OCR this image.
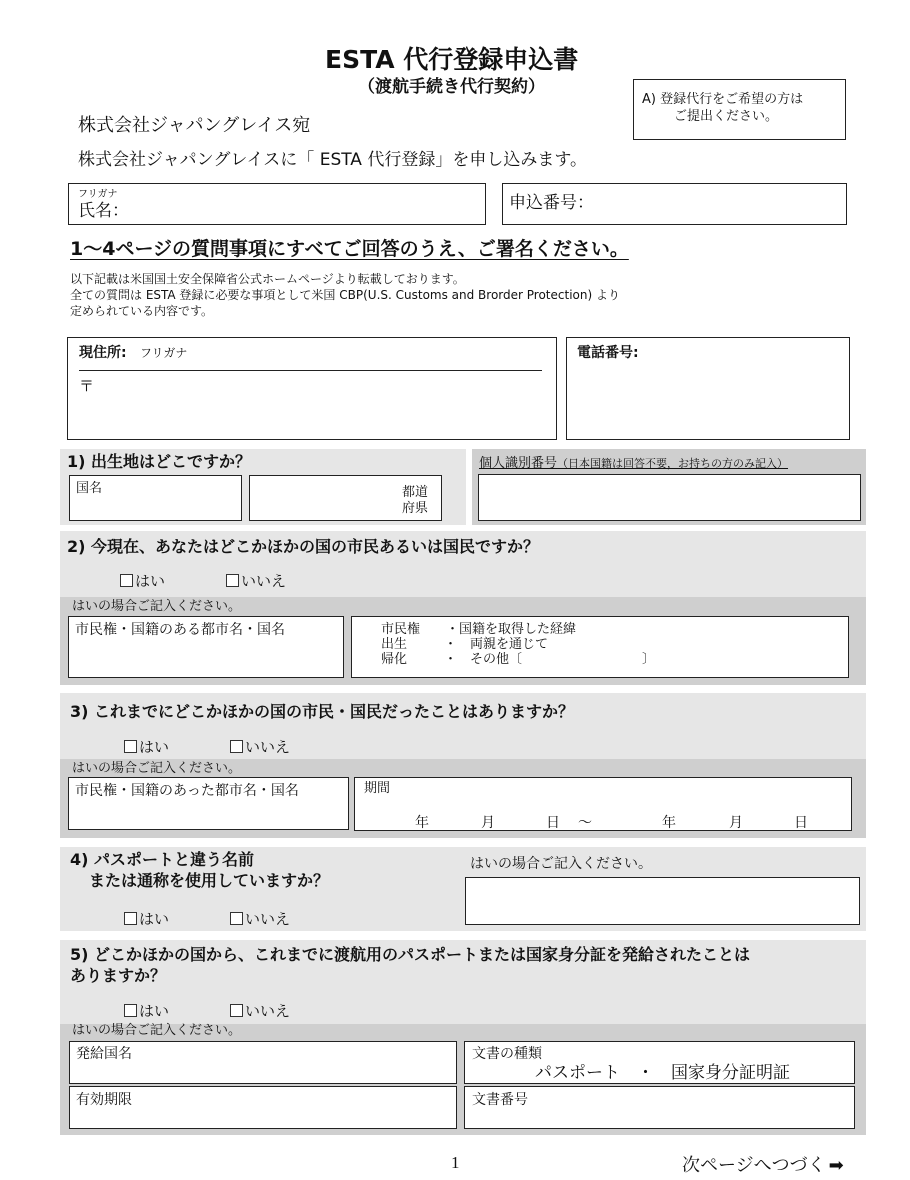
ESTA 代行登録申込書
（渡航手続き代行契約）
A) 登録代行をご希望の方は
ご提出ください。
株式会社ジャパングレイス宛
株式会社ジャパングレイスに「 ESTA 代行登録」を申し込みます。
フリガナ
氏名：	申込番号：
1〜4ページの質問事項にすべてご回答のうえ、ご署名ください。
以下記載は米国国土安全保障省公式ホームページより転載しております。
全ての質問は ESTA 登録に必要な事項として米国 CBP(U.S. Customs and Brorder Protection) より
定められている内容です。
現住所: フリガナ
〒
電話番号:
1) 出生地はどこですか？
国名	都道
府県
個人識別番号（日本国籍は回答不要，お持ちの方のみ記入）
2) 今現在、あなたはどこかほかの国の市民あるいは国民ですか？
はい	いいえ
はいの場合ご記入ください。
市民権・国籍のある都市名・国名	市民権 ・国籍を取得した経緯
出生	・　両親を通じて
帰化	・　その他〔	〕
3) これまでにどこかほかの国の市民・国民だったことはありますか？
はい	いいえ
はいの場合ご記入ください。
市民権・国籍のあった都市名・国名	期間
年	月	日 〜	年	月	日
4) パスポートと違う名前
または通称を使用していますか？
はい	いいえ
はいの場合ご記入ください。
5) どこかほかの国から、これまでに渡航用のパスポートまたは国家身分証を発給されたことは
ありますか？
はい	いいえ
はいの場合ご記入ください。
発給国名	文書の種類
パスポート　・　国家身分証明証
有効期限	文書番号
1	次ページへつづく ➡
